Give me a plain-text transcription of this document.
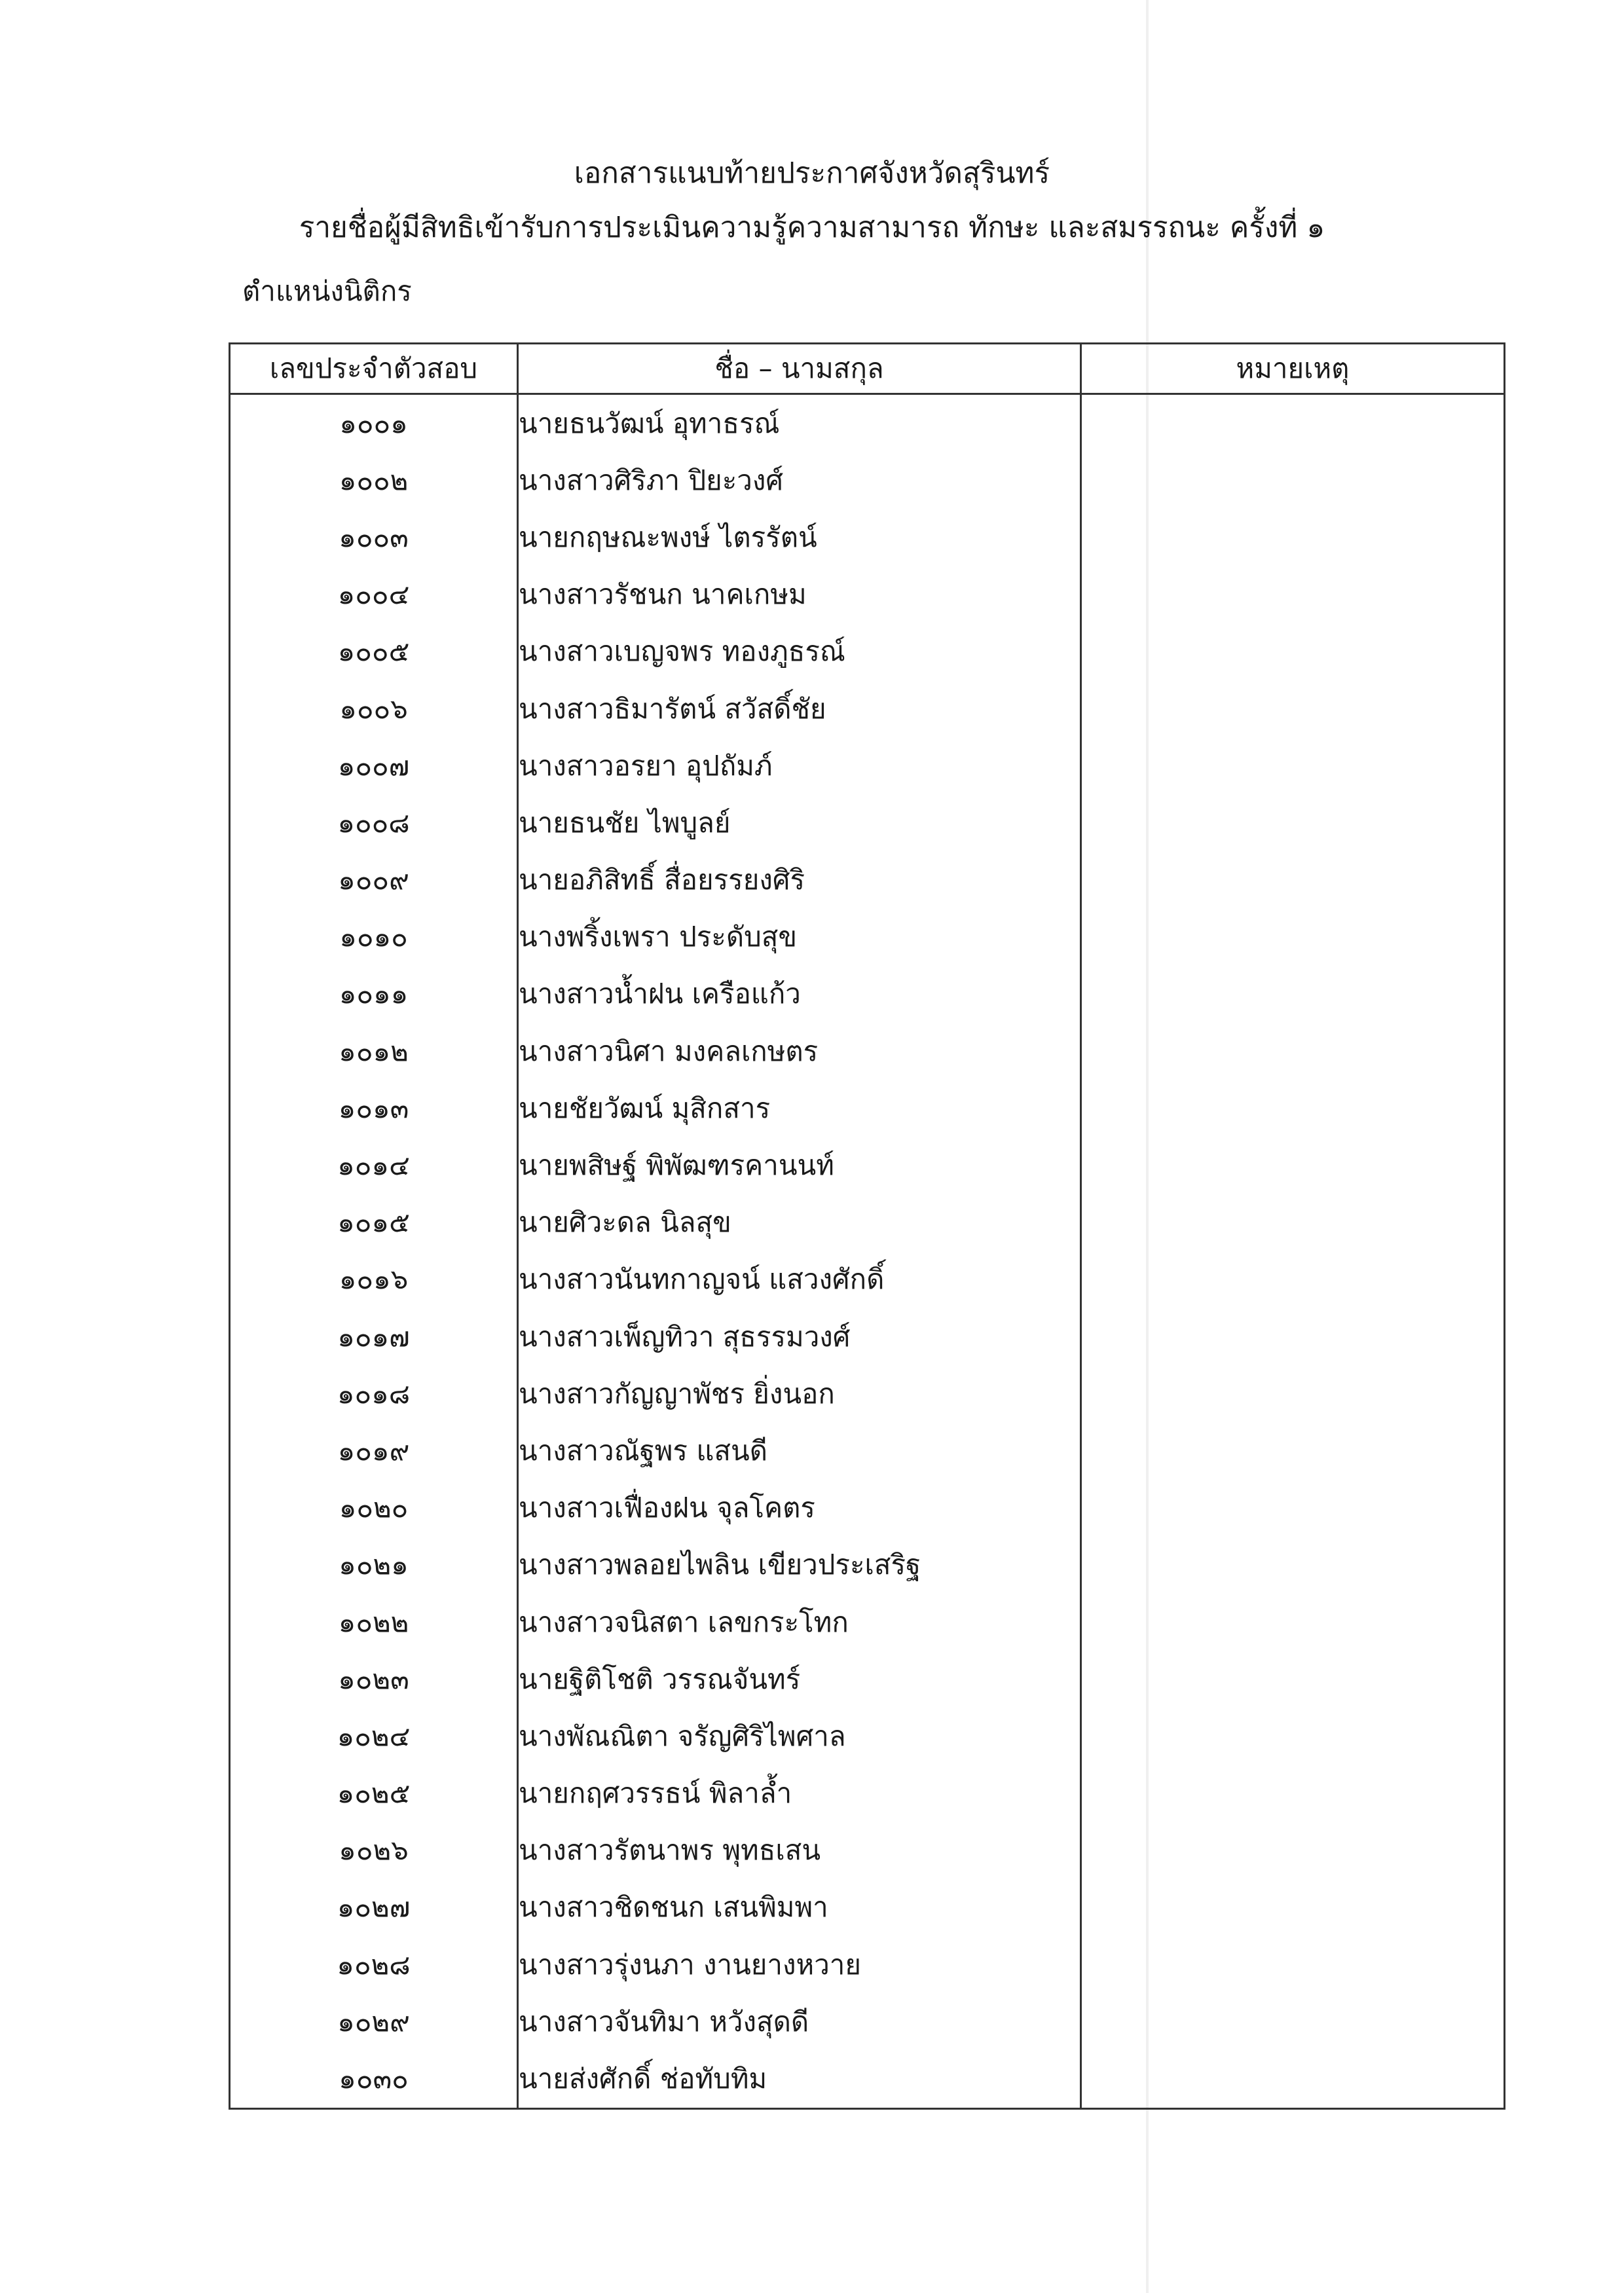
เอกสารแนบท้ายประกาศจังหวัดสุรินทร์
รายชื่อผู้มีสิทธิเข้ารับการประเมินความรู้ความสามารถ ทักษะ และสมรรถนะ ครั้งที่ ๑
ตำแหน่งนิติกร
เลขประจำตัวสอบ	ชื่อ – นามสกุล	หมายเหตุ
๑๐๐๑	นายธนวัฒน์ อุทาธรณ์	
๑๐๐๒	นางสาวศิริภา ปิยะวงศ์	
๑๐๐๓	นายกฤษณะพงษ์ ไตรรัตน์	
๑๐๐๔	นางสาวรัชนก นาคเกษม	
๑๐๐๕	นางสาวเบญจพร ทองภูธรณ์	
๑๐๐๖	นางสาวธิมารัตน์ สวัสดิ์ชัย	
๑๐๐๗	นางสาวอรยา อุปถัมภ์	
๑๐๐๘	นายธนชัย ไพบูลย์	
๑๐๐๙	นายอภิสิทธิ์ สื่อยรรยงศิริ	
๑๐๑๐	นางพริ้งเพรา ประดับสุข	
๑๐๑๑	นางสาวน้ำฝน เครือแก้ว	
๑๐๑๒	นางสาวนิศา มงคลเกษตร	
๑๐๑๓	นายชัยวัฒน์ มุสิกสาร	
๑๐๑๔	นายพสิษฐ์ พิพัฒฑรคานนท์	
๑๐๑๕	นายศิวะดล นิลสุข	
๑๐๑๖	นางสาวนันทกาญจน์ แสวงศักดิ์	
๑๐๑๗	นางสาวเพ็ญทิวา สุธรรมวงศ์	
๑๐๑๘	นางสาวกัญญาพัชร ยิ่งนอก	
๑๐๑๙	นางสาวณัฐพร แสนดี	
๑๐๒๐	นางสาวเฟื่องฝน จุลโคตร	
๑๐๒๑	นางสาวพลอยไพลิน เขียวประเสริฐ	
๑๐๒๒	นางสาวจนิสตา เลขกระโทก	
๑๐๒๓	นายฐิติโชติ วรรณจันทร์	
๑๐๒๔	นางพัณณิตา จรัญศิริไพศาล	
๑๐๒๕	นายกฤศวรรธน์ พิลาล้ำ	
๑๐๒๖	นางสาวรัตนาพร พุทธเสน	
๑๐๒๗	นางสาวชิดชนก เสนพิมพา	
๑๐๒๘	นางสาวรุ่งนภา งานยางหวาย	
๑๐๒๙	นางสาวจันทิมา หวังสุดดี	
๑๐๓๐	นายส่งศักดิ์ ช่อทับทิม	
